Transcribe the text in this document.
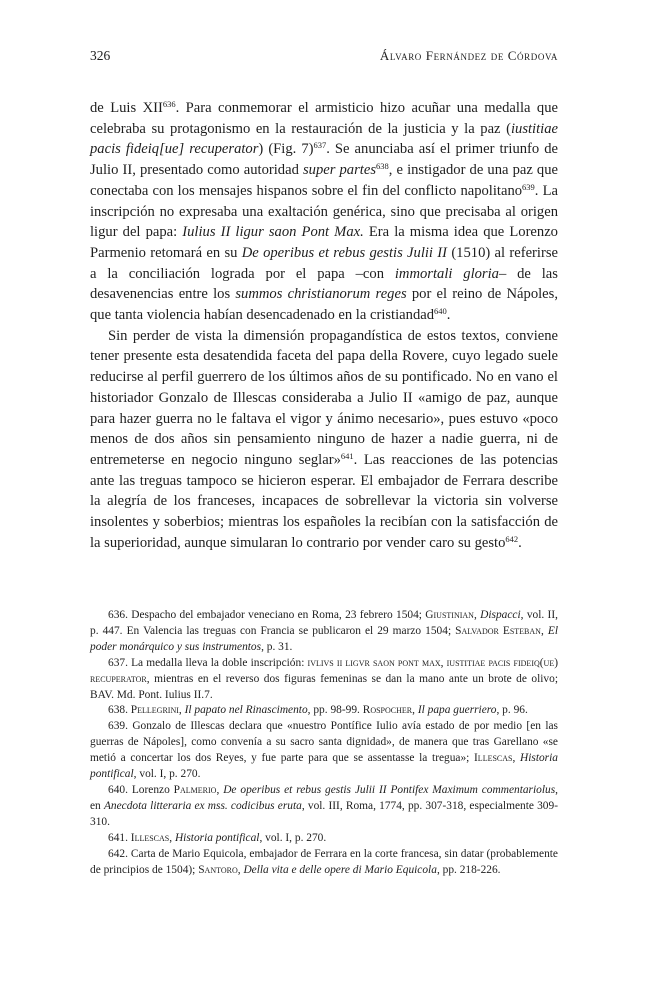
326	Álvaro Fernández de Córdova

de Luis XII$^{636}$. Para conmemorar el armisticio hizo acuñar una medalla que celebraba su protagonismo en la restauración de la justicia y la paz (iustitiae pacis fideiq[ue] recuperator) (Fig. 7)$^{637}$. Se anunciaba así el primer triunfo de Julio II, presentado como autoridad super partes$^{638}$, e instigador de una paz que conectaba con los mensajes hispanos sobre el fin del conflicto napolitano$^{639}$. La inscripción no expresaba una exaltación genérica, sino que precisaba al origen ligur del papa: Iulius II ligur saon Pont Max. Era la misma idea que Lorenzo Parmenio retomará en su De operibus et rebus gestis Julii II (1510) al referirse a la conciliación lograda por el papa –con immortali gloria– de las desavenencias entre los summos christianorum reges por el reino de Nápoles, que tanta violencia habían desencadenado en la cristiandad$^{640}$.

Sin perder de vista la dimensión propagandística de estos textos, conviene tener presente esta desatendida faceta del papa della Rovere, cuyo legado suele reducirse al perfil guerrero de los últimos años de su pontificado. No en vano el historiador Gonzalo de Illescas consideraba a Julio II «amigo de paz, aunque para hazer guerra no le faltava el vigor y ánimo necesario», pues estuvo «poco menos de dos años sin pensamiento ninguno de hazer a nadie guerra, ni de entremeterse en negocio ninguno seglar»$^{641}$. Las reacciones de las potencias ante las treguas tampoco se hicieron esperar. El embajador de Ferrara describe la alegría de los franceses, incapaces de sobrellevar la victoria sin volverse insolentes y soberbios; mientras los españoles la recibían con la satisfacción de la superioridad, aunque simularan lo contrario por vender caro su gesto$^{642}$.

636. Despacho del embajador veneciano en Roma, 23 febrero 1504; Giustinian, Dispacci, vol. II, p. 447. En Valencia las treguas con Francia se publicaron el 29 marzo 1504; Salvador Esteban, El poder monárquico y sus instrumentos, p. 31.

637. La medalla lleva la doble inscripción: ivlivs ii ligvr saon pont max, iustitiae pacis fideiq(ue) recuperator, mientras en el reverso dos figuras femeninas se dan la mano ante un brote de olivo; BAV. Md. Pont. Iulius II.7.

638. Pellegrini, Il papato nel Rinascimento, pp. 98-99. Rospocher, Il papa guerriero, p. 96.

639. Gonzalo de Illescas declara que «nuestro Pontífice Iulio avía estado de por medio [en las guerras de Nápoles], como convenía a su sacro santa dignidad», de manera que tras Garellano «se metió a concertar los dos Reyes, y fue parte para que se assentasse la tregua»; Illescas, Historia pontifical, vol. I, p. 270.

640. Lorenzo Palmerio, De operibus et rebus gestis Julii II Pontifex Maximum commentariolus, en Anecdota litteraria ex mss. codicibus eruta, vol. III, Roma, 1774, pp. 307-318, especialmente 309-310.

641. Illescas, Historia pontifical, vol. I, p. 270.

642. Carta de Mario Equicola, embajador de Ferrara en la corte francesa, sin datar (probablemente de principios de 1504); Santoro, Della vita e delle opere di Mario Equicola, pp. 218-226.
